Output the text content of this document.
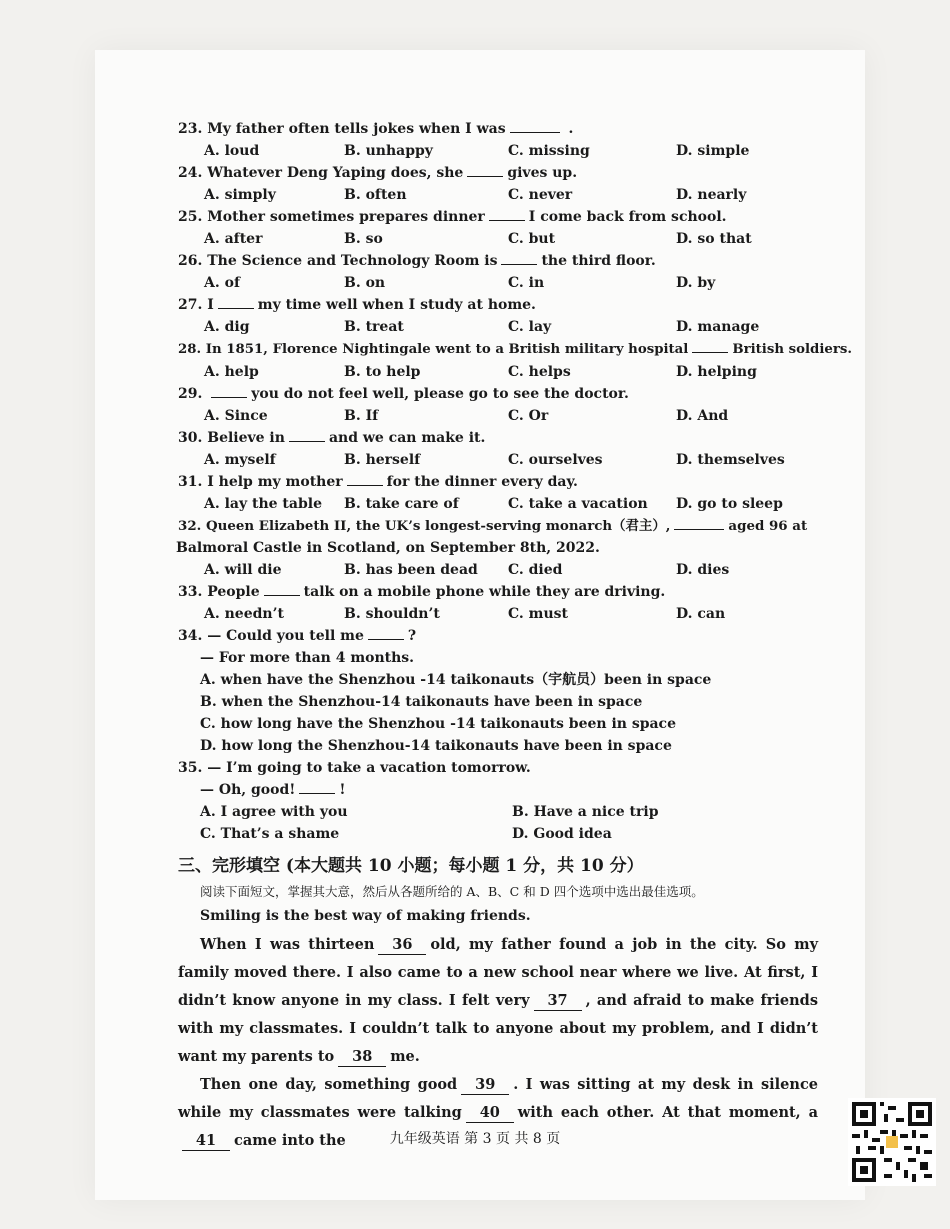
23. My father often tells jokes when I was	.

A. loud	B. unhappy	C. missing	D. simple

24. Whatever Deng Yaping does, she	gives up.

A. simply	B. often	C. never	D. nearly

25. Mother sometimes prepares dinner	I come back from school.

A. after	B. so	C. but	D. so that

26. The Science and Technology Room is	the third floor.

A. of	B. on	C. in	D. by

27. I	my time well when I study at home.

A. dig	B. treat	C. lay	D. manage

28. In 1851, Florence Nightingale went to a British military hospital	British soldiers.

A. help	B. to help	C. helps	D. helping

29.	you do not feel well, please go to see the doctor.

A. Since	B. If	C. Or	D. And

30. Believe in	and we can make it.

A. myself	B. herself	C. ourselves	D. themselves

31. I help my mother	for the dinner every day.

A. lay the table	B. take care of	C. take a vacation	D. go to sleep

32. Queen Elizabeth II, the UK’s longest-serving monarch（君主）,	aged 96 at

Balmoral Castle in Scotland, on September 8th, 2022.

A. will die	B. has been dead	C. died	D. dies

33. People	talk on a mobile phone while they are driving.

A. needn’t	B. shouldn’t	C. must	D. can

34. — Could you tell me	?

— For more than 4 months.

A. when have the Shenzhou -14 taikonauts（宇航员）been in space

B. when the Shenzhou-14 taikonauts have been in space

C. how long have the Shenzhou -14 taikonauts been in space

D. how long the Shenzhou-14 taikonauts have been in space

35. — I’m going to take a vacation tomorrow.

— Oh, good!	!

A. I agree with you	B. Have a nice trip
C. That’s a shame	D. Good idea
三、完形填空 (本大题共 10 小题；每小题 1 分，共 10 分）
阅读下面短文，掌握其大意，然后从各题所给的 A、B、C 和 D 四个选项中选出最佳选项。
Smiling is the best way of making friends.
When I was thirteen 36 old, my father found a job in the city. So my family moved there. I also came to a new school near where we live. At first, I didn’t know anyone in my class. I felt very 37 , and afraid to make friends with my classmates. I couldn’t talk to anyone about my problem, and I didn’t want my parents to 38 me.
Then one day, something good 39 . I was sitting at my desk in silence while my classmates were talking 40 with each other. At that moment, a41 came into the	九年级英语 第 3 页 共 8 页
